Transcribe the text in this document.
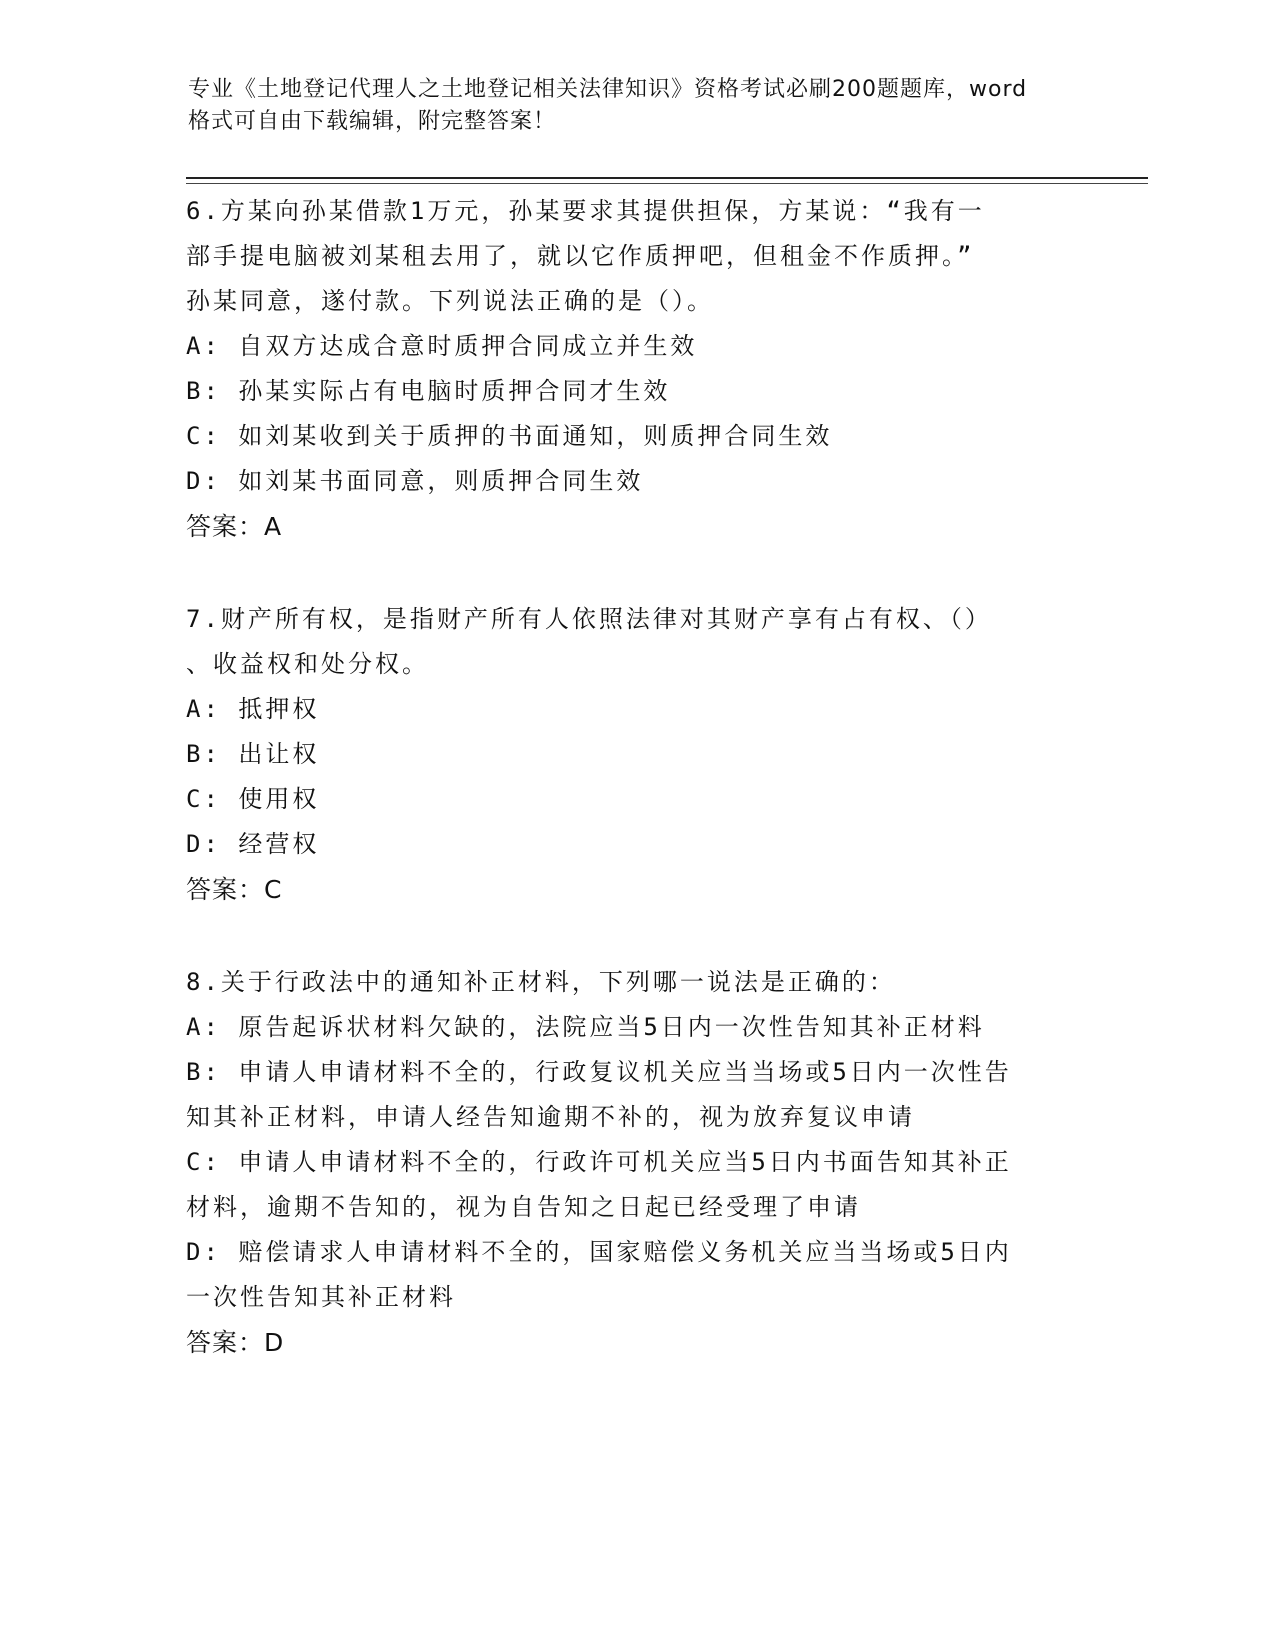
专业《土地登记代理人之土地登记相关法律知识》资格考试必刷200题题库，word
格式可自由下载编辑，附完整答案！
6.方某向孙某借款1万元，孙某要求其提供担保，方某说：“我有一
部手提电脑被刘某租去用了，就以它作质押吧，但租金不作质押。”
孙某同意，遂付款。下列说法正确的是（）。
A: 自双方达成合意时质押合同成立并生效
B: 孙某实际占有电脑时质押合同才生效
C: 如刘某收到关于质押的书面通知，则质押合同生效
D: 如刘某书面同意，则质押合同生效
答案：A
7.财产所有权，是指财产所有人依照法律对其财产享有占有权、（）
、收益权和处分权。
A: 抵押权
B: 出让权
C: 使用权
D: 经营权
答案：C
8.关于行政法中的通知补正材料，下列哪一说法是正确的：
A: 原告起诉状材料欠缺的，法院应当5日内一次性告知其补正材料
B: 申请人申请材料不全的，行政复议机关应当当场或5日内一次性告
知其补正材料，申请人经告知逾期不补的，视为放弃复议申请
C: 申请人申请材料不全的，行政许可机关应当5日内书面告知其补正
材料，逾期不告知的，视为自告知之日起已经受理了申请
D: 赔偿请求人申请材料不全的，国家赔偿义务机关应当当场或5日内
一次性告知其补正材料
答案：D
